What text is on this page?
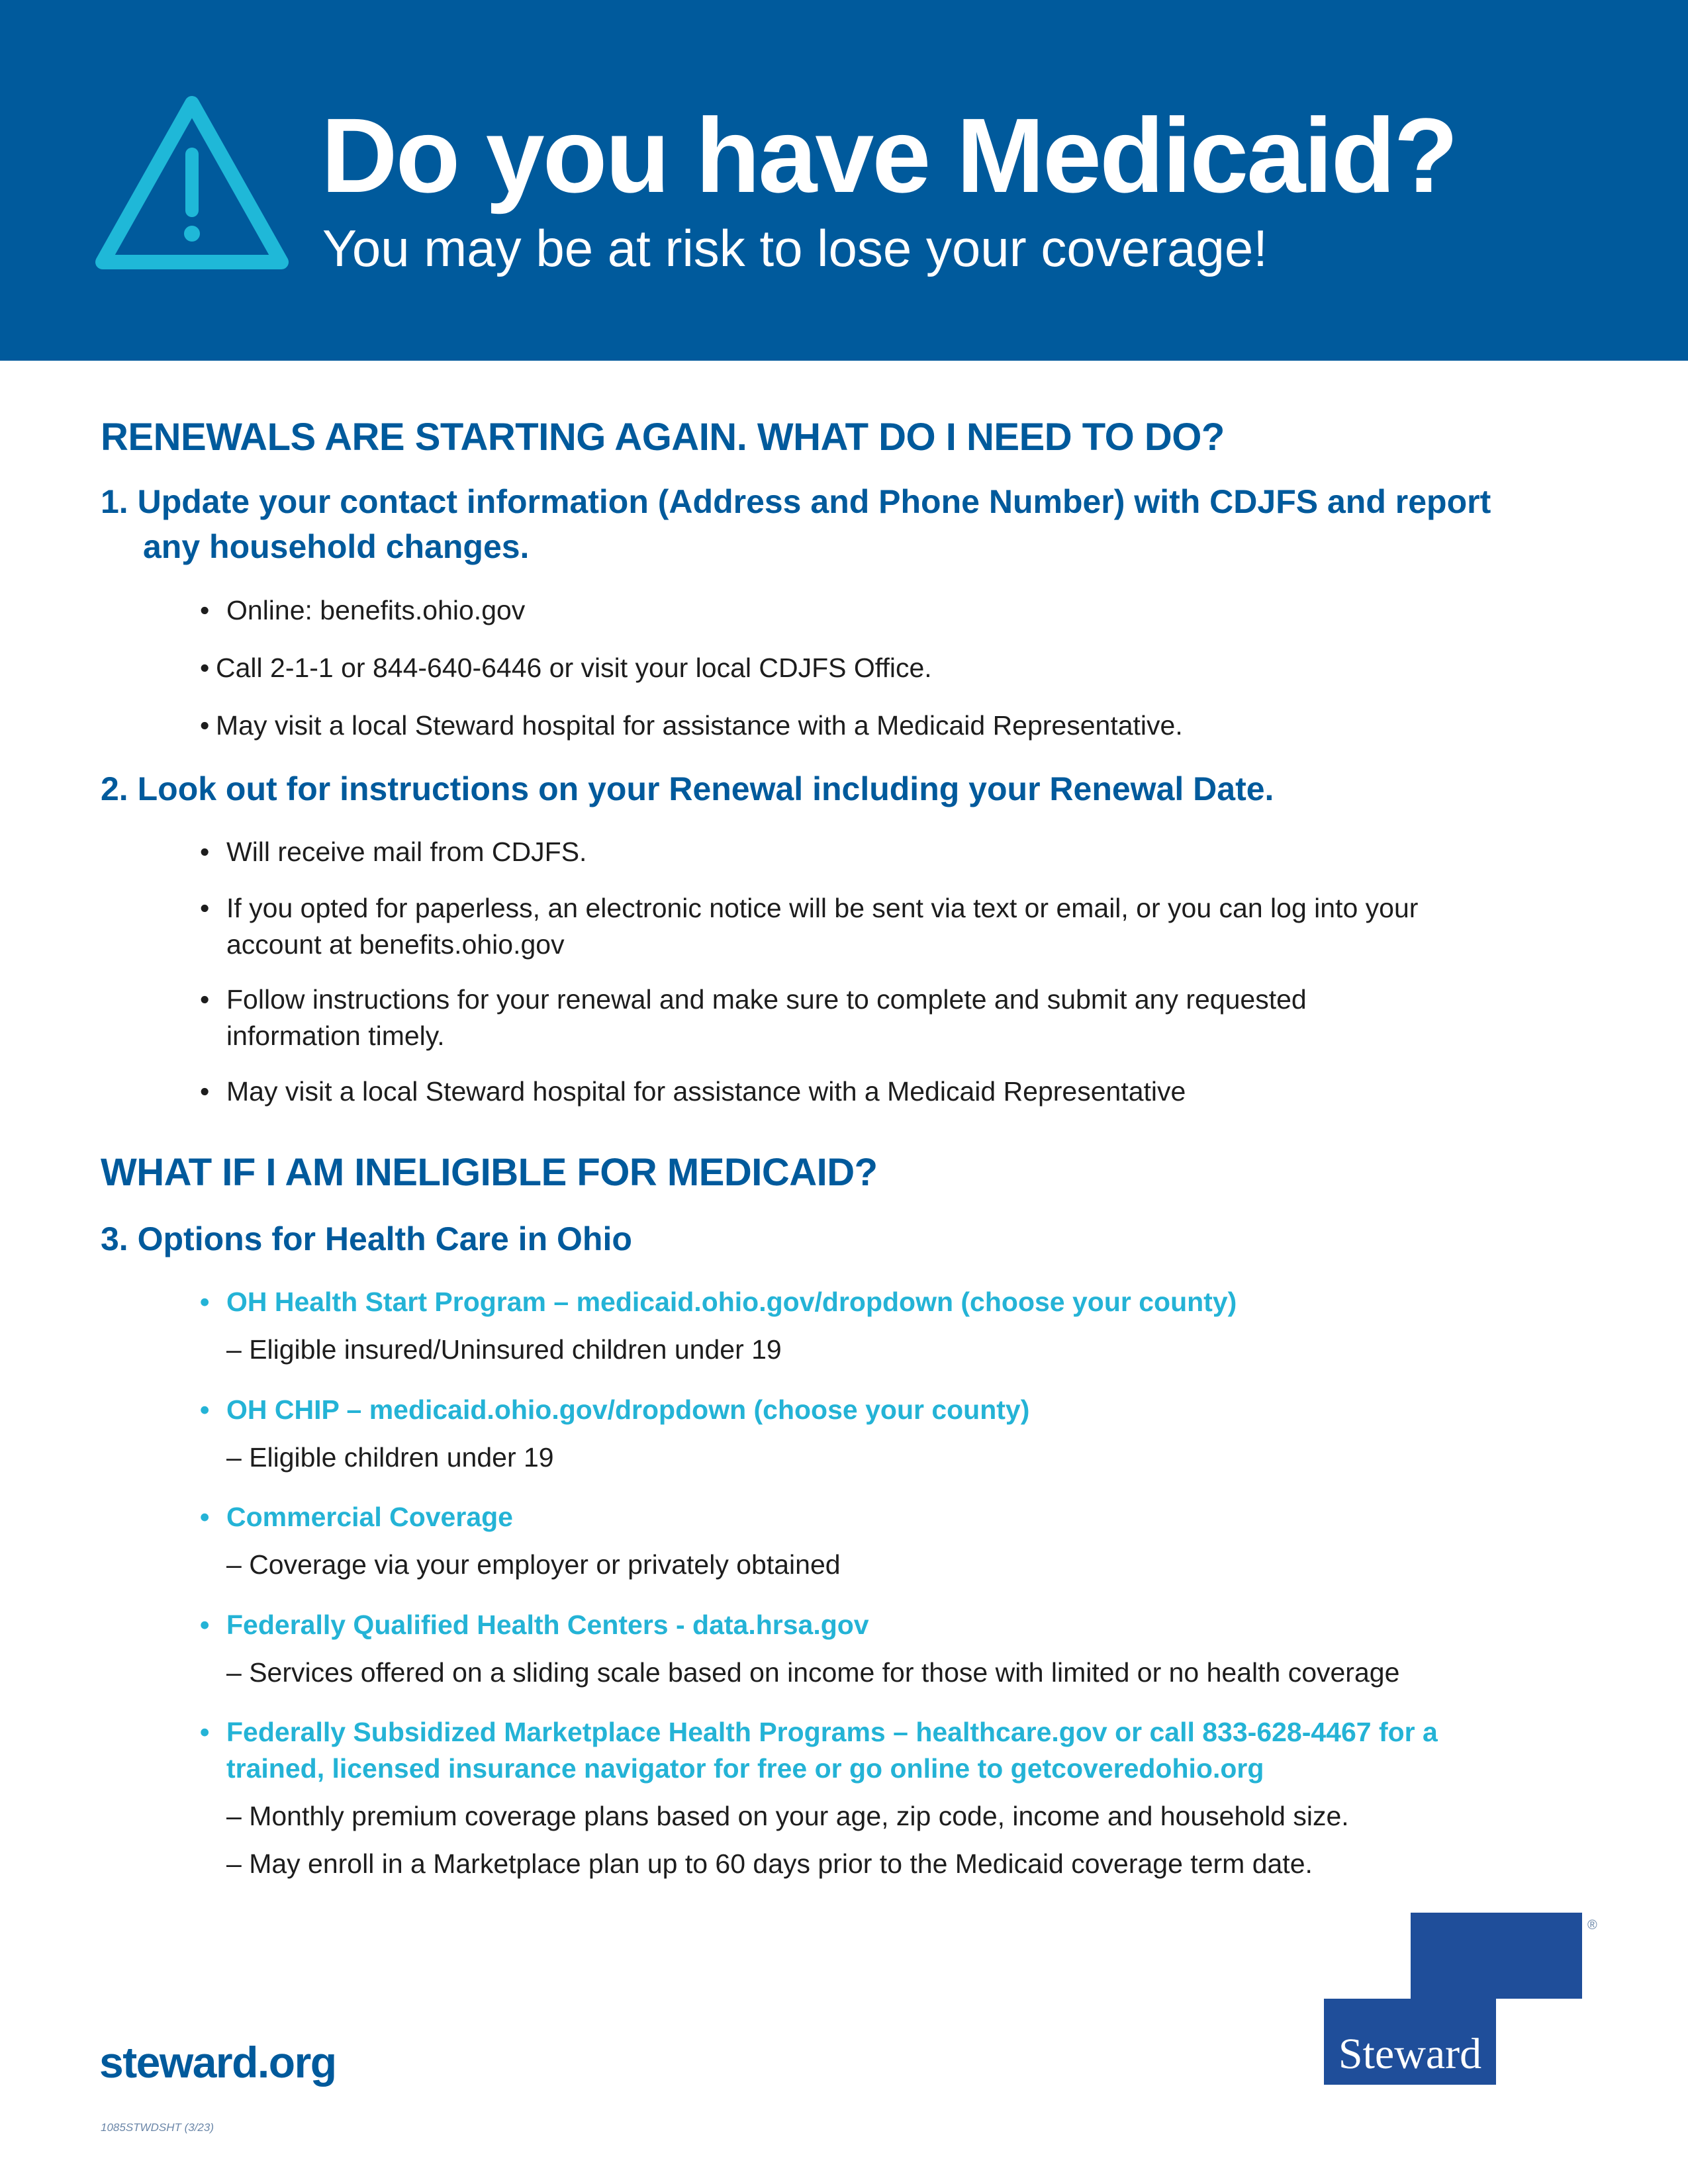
Do you have Medicaid?
You may be at risk to lose your coverage!
RENEWALS ARE STARTING AGAIN. WHAT DO I NEED TO DO?
1. Update your contact information (Address and Phone Number) with CDJFS and report
any household changes.
• Online: benefits.ohio.gov
• Call 2-1-1 or 844-640-6446 or visit your local CDJFS Office.
• May visit a local Steward hospital for assistance with a Medicaid Representative.
2. Look out for instructions on your Renewal including your Renewal Date.
• Will receive mail from CDJFS.
• If you opted for paperless, an electronic notice will be sent via text or email, or you can log into your
account at benefits.ohio.gov
• Follow instructions for your renewal and make sure to complete and submit any requested
information timely.
• May visit a local Steward hospital for assistance with a Medicaid Representative
WHAT IF I AM INELIGIBLE FOR MEDICAID?
3. Options for Health Care in Ohio
• OH Health Start Program – medicaid.ohio.gov/dropdown (choose your county)
– Eligible insured/Uninsured children under 19
• OH CHIP – medicaid.ohio.gov/dropdown (choose your county)
– Eligible children under 19
• Commercial Coverage
– Coverage via your employer or privately obtained
• Federally Qualified Health Centers - data.hrsa.gov
– Services offered on a sliding scale based on income for those with limited or no health coverage
• Federally Subsidized Marketplace Health Programs – healthcare.gov or call 833-628-4467 for a
trained, licensed insurance navigator for free or go online to getcoveredohio.org
– Monthly premium coverage plans based on your age, zip code, income and household size.
– May enroll in a Marketplace plan up to 60 days prior to the Medicaid coverage term date.
steward.org
1085STWDSHT (3/23)
Steward
®
